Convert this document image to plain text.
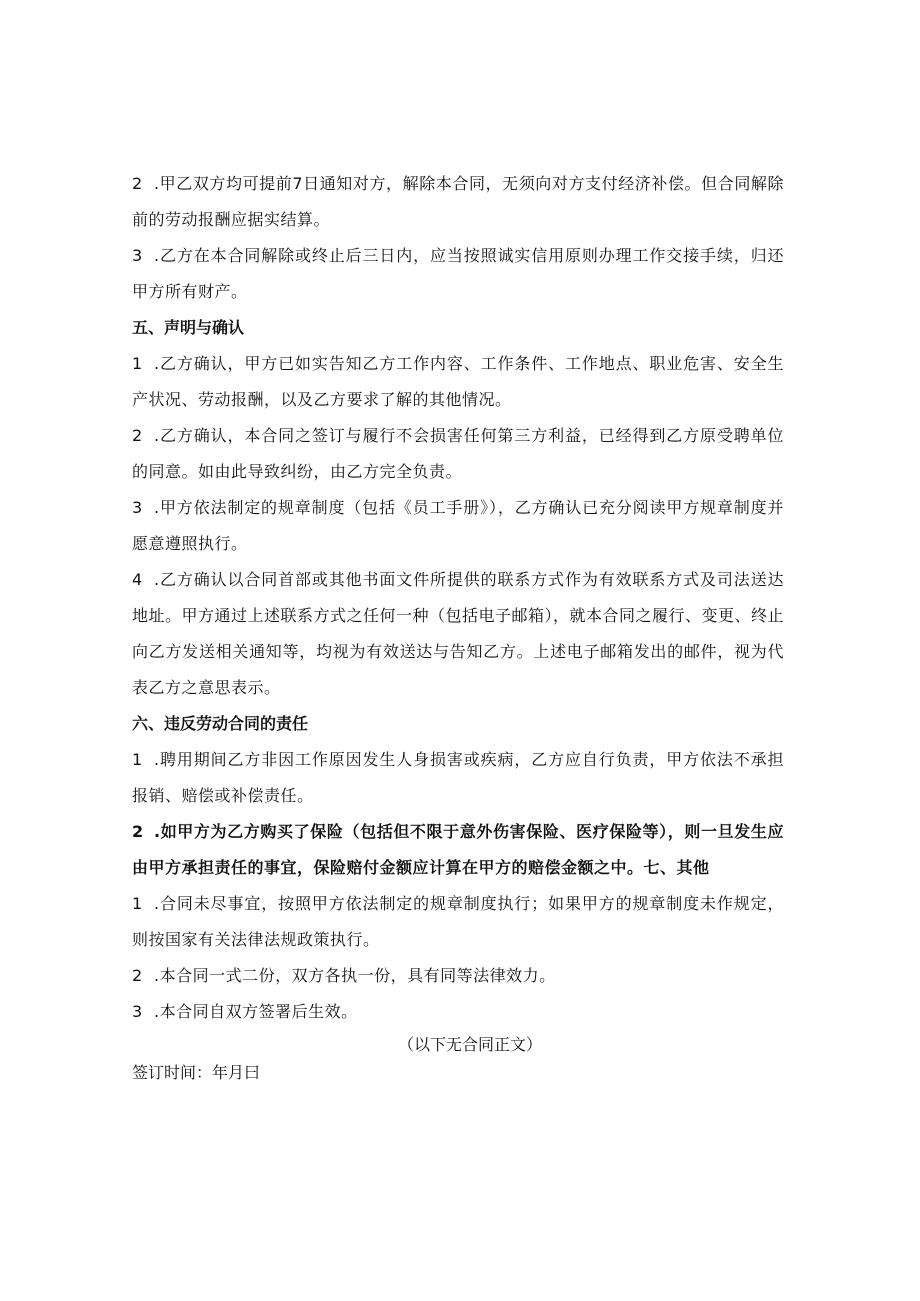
2 .甲乙双方均可提前7日通知对方，解除本合同，无须向对方支付经济补偿。但合同解除前的劳动报酬应据实结算。

3 .乙方在本合同解除或终止后三日内，应当按照诚实信用原则办理工作交接手续，归还甲方所有财产。

五、声明与确认

1 .乙方确认，甲方已如实告知乙方工作内容、工作条件、工作地点、职业危害、安全生产状况、劳动报酬，以及乙方要求了解的其他情况。

2 .乙方确认，本合同之签订与履行不会损害任何第三方利益，已经得到乙方原受聘单位的同意。如由此导致纠纷，由乙方完全负责。

3 .甲方依法制定的规章制度（包括《员工手册》），乙方确认已充分阅读甲方规章制度并愿意遵照执行。

4 .乙方确认以合同首部或其他书面文件所提供的联系方式作为有效联系方式及司法送达地址。甲方通过上述联系方式之任何一种（包括电子邮箱），就本合同之履行、变更、终止向乙方发送相关通知等，均视为有效送达与告知乙方。上述电子邮箱发出的邮件，视为代表乙方之意思表示。

六、违反劳动合同的责任

1 .聘用期间乙方非因工作原因发生人身损害或疾病，乙方应自行负责，甲方依法不承担报销、赔偿或补偿责任。

2 .如甲方为乙方购买了保险（包括但不限于意外伤害保险、医疗保险等），则一旦发生应由甲方承担责任的事宜，保险赔付金额应计算在甲方的赔偿金额之中。七、其他

1 .合同未尽事宜，按照甲方依法制定的规章制度执行；如果甲方的规章制度未作规定，则按国家有关法律法规政策执行。

2 .本合同一式二份，双方各执一份，具有同等法律效力。

3 .本合同自双方签署后生效。

（以下无合同正文）

签订时间：年月曰
